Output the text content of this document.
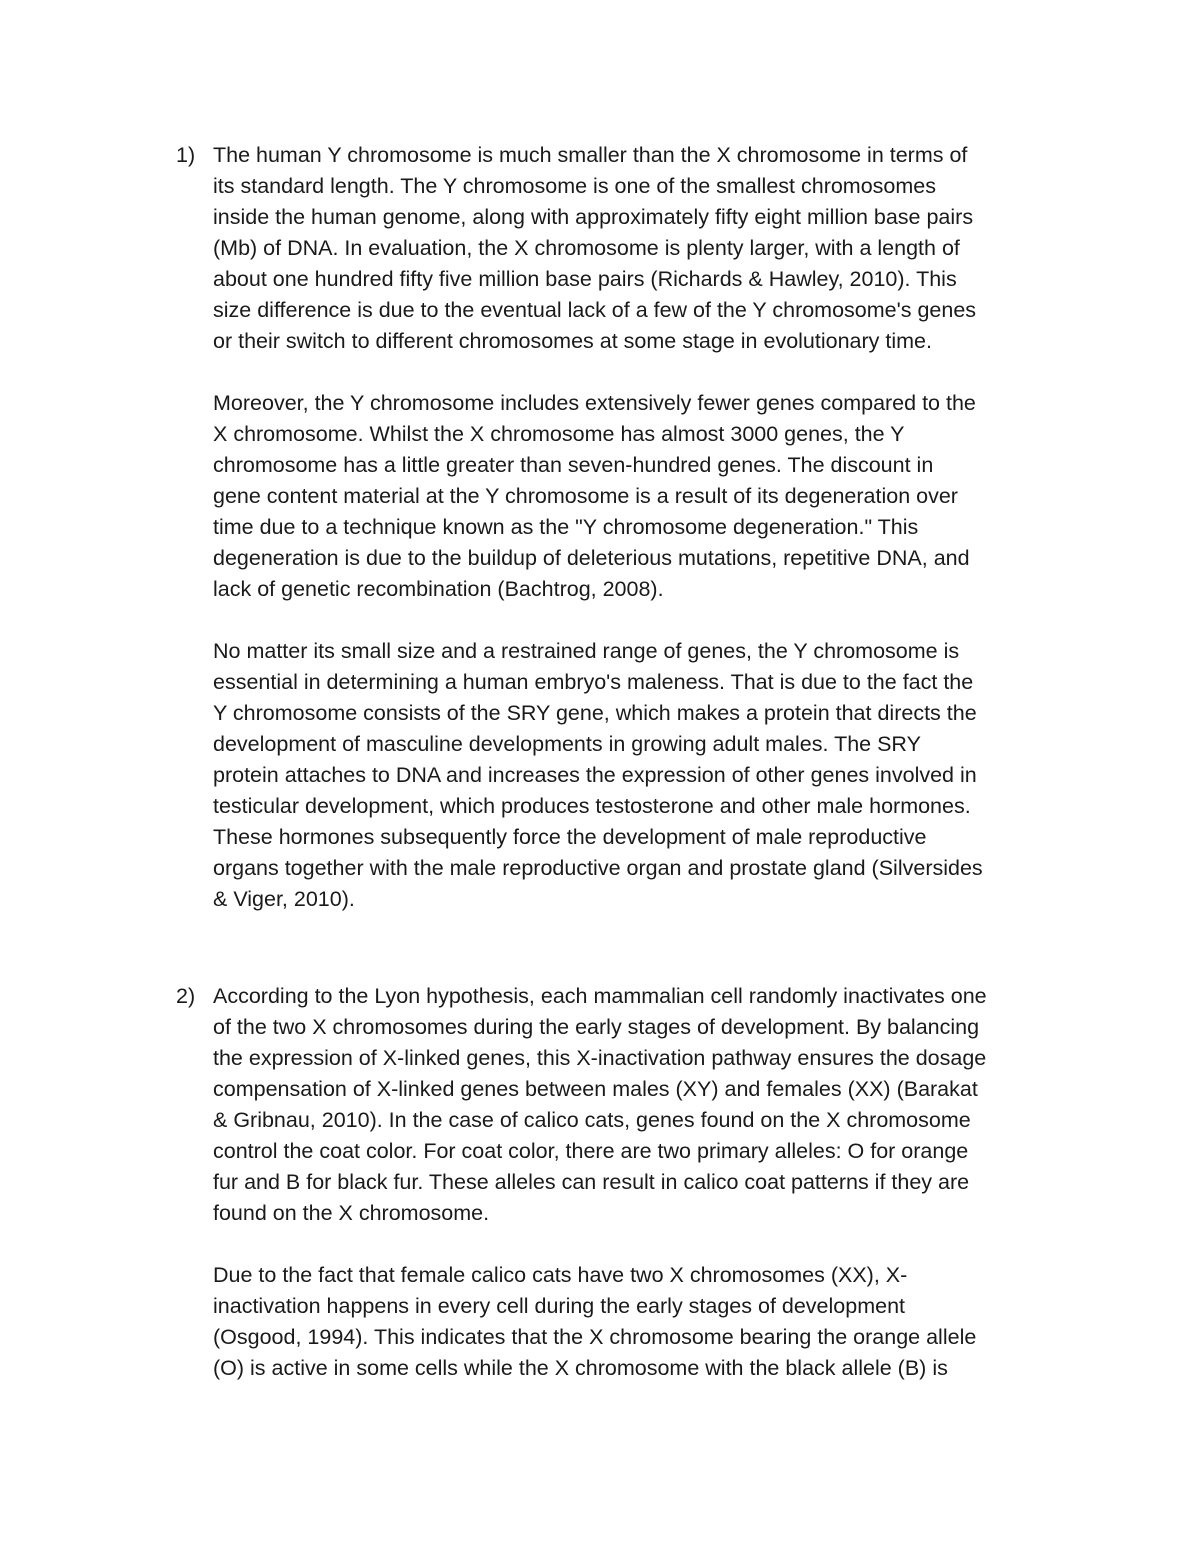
1) The human Y chromosome is much smaller than the X chromosome in terms of
its standard length. The Y chromosome is one of the smallest chromosomes
inside the human genome, along with approximately fifty eight million base pairs
(Mb) of DNA. In evaluation, the X chromosome is plenty larger, with a length of
about one hundred fifty five million base pairs (Richards & Hawley, 2010). This
size difference is due to the eventual lack of a few of the Y chromosome's genes
or their switch to different chromosomes at some stage in evolutionary time.

Moreover, the Y chromosome includes extensively fewer genes compared to the
X chromosome. Whilst the X chromosome has almost 3000 genes, the Y
chromosome has a little greater than seven-hundred genes. The discount in
gene content material at the Y chromosome is a result of its degeneration over
time due to a technique known as the "Y chromosome degeneration." This
degeneration is due to the buildup of deleterious mutations, repetitive DNA, and
lack of genetic recombination (Bachtrog, 2008).

No matter its small size and a restrained range of genes, the Y chromosome is
essential in determining a human embryo's maleness. That is due to the fact the
Y chromosome consists of the SRY gene, which makes a protein that directs the
development of masculine developments in growing adult males. The SRY
protein attaches to DNA and increases the expression of other genes involved in
testicular development, which produces testosterone and other male hormones.
These hormones subsequently force the development of male reproductive
organs together with the male reproductive organ and prostate gland (Silversides
& Viger, 2010).

2) According to the Lyon hypothesis, each mammalian cell randomly inactivates one
of the two X chromosomes during the early stages of development. By balancing
the expression of X-linked genes, this X-inactivation pathway ensures the dosage
compensation of X-linked genes between males (XY) and females (XX) (Barakat
& Gribnau, 2010). In the case of calico cats, genes found on the X chromosome
control the coat color. For coat color, there are two primary alleles: O for orange
fur and B for black fur. These alleles can result in calico coat patterns if they are
found on the X chromosome.

Due to the fact that female calico cats have two X chromosomes (XX), X-
inactivation happens in every cell during the early stages of development
(Osgood, 1994). This indicates that the X chromosome bearing the orange allele
(O) is active in some cells while the X chromosome with the black allele (B) is
